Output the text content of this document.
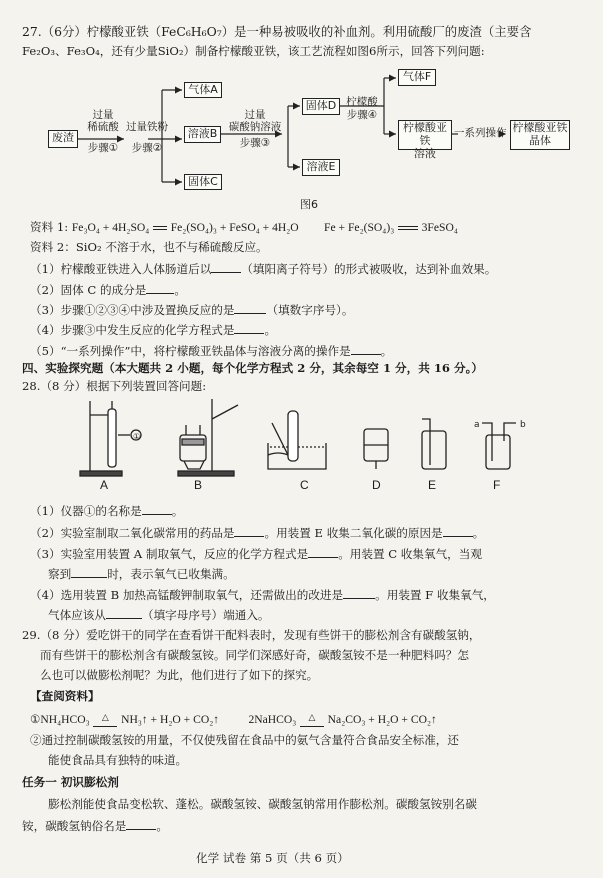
27.（6分）柠檬酸亚铁（FeC₆H₆O₇）是一种易被吸收的补血剂。利用硫酸厂的废渣（主要含
Fe₂O₃、Fe₃O₄，还有少量SiO₂）制备柠檬酸亚铁，该工艺流程如图6所示，回答下列问题:
废渣
过量
稀硫酸
步骤①
过量铁粉
步骤②
气体A
溶液B
固体C
过量
碳酸钠溶液
步骤③
固体D
溶液E
柠檬酸
步骤④
气体F
柠檬酸亚铁
溶液
一系列操作 柠檬酸亚铁
晶体
图6
资料 1: Fe₃O₄ + 4H₂SO₄ Fe₂(SO₄)₃ + FeSO₄ + 4H₂O Fe + Fe₂(SO₄)₃ 3FeSO₄
资料 2：SiO₂ 不溶于水，也不与稀硫酸反应。
（1）柠檬酸亚铁进入人体肠道后以	（填阳离子符号）的形式被吸收，达到补血效果。
（2）固体 C 的成分是 。
（3）步骤①②③④中涉及置换反应的是	（填数字序号）。
（4）步骤③中发生反应的化学方程式是	。
（5）“一系列操作”中，将柠檬酸亚铁晶体与溶液分离的操作是	。
四、实验探究题（本大题共 2 小题，每个化学方程式 2 分，其余每空 1 分，共 16 分。）
28.（8 分）根据下列装置回答问题:
①
a	b
A	B	C	D	E	F
（1）仪器①的名称是	。
（2）实验室制取二氧化碳常用的药品是	。用装置 E 收集二氧化碳的原因是	。
（3）实验室用装置 A 制取氧气，反应的化学方程式是	。用装置 C 收集氧气，当观
察到	时，表示氧气已收集满。
（4）选用装置 B 加热高锰酸钾制取氧气，还需做出的改进是	。用装置 F 收集氧气，
气体应该从	（填字母序号）端通入。
29.（8 分）爱吃饼干的同学在查看饼干配料表时，发现有些饼干的膨松剂含有碳酸氢钠，
而有些饼干的膨松剂含有碳酸氢铵。同学们深感好奇，碳酸氢铵不是一种肥料吗？怎
么也可以做膨松剂呢？为此，他们进行了如下的探究。
【查阅资料】
①NH₄HCO₃ △ NH₃↑ + H₂O + CO₂↑	2NaHCO₃ △ Na₂CO₃ + H₂O + CO₂↑
②通过控制碳酸氢铵的用量，不仅使残留在食品中的氨气含量符合食品安全标准，还
能使食品具有独特的味道。
任务一 初识膨松剂
膨松剂能使食品变松软、蓬松。碳酸氢铵、碳酸氢钠常用作膨松剂。碳酸氢铵别名碳
铵，碳酸氢钠俗名是	。
化学 试卷 第 5 页（共 6 页）
